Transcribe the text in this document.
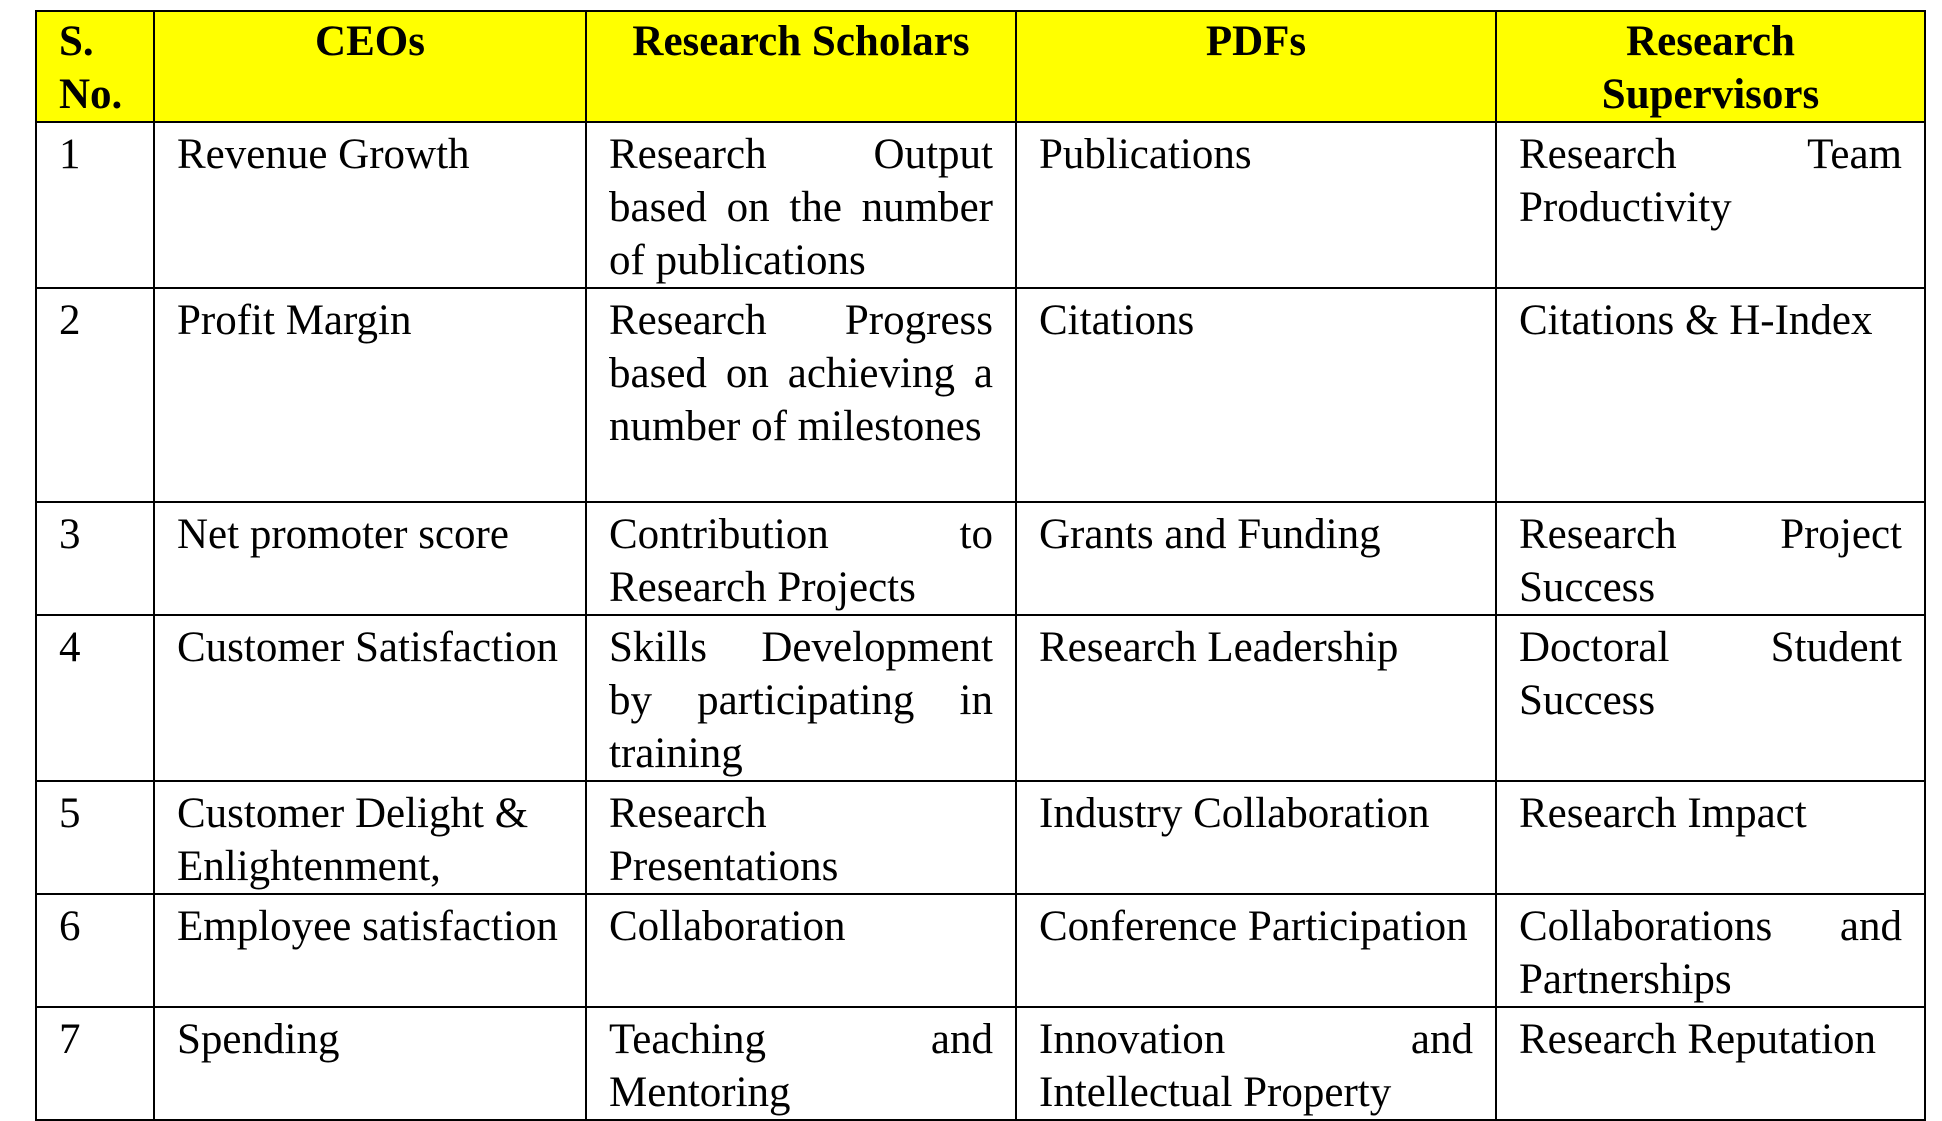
S. No.	CEOs	Research Scholars	PDFs	Research Supervisors
1	Revenue Growth	Research Output based on the number of publications	Publications	Research Team Productivity
2	Profit Margin	Research Progress based on achieving a number of milestones	Citations	Citations & H-Index
3	Net promoter score	Contribution to Research Projects	Grants and Funding	Research Project Success
4	Customer Satisfaction	Skills Development by participating in training	Research Leadership	Doctoral Student Success
5	Customer Delight & Enlightenment,	Research Presentations	Industry Collaboration	Research Impact
6	Employee satisfaction	Collaboration	Conference Participation	Collaborations and Partnerships
7	Spending	Teaching and Mentoring	Innovation and Intellectual Property	Research Reputation
